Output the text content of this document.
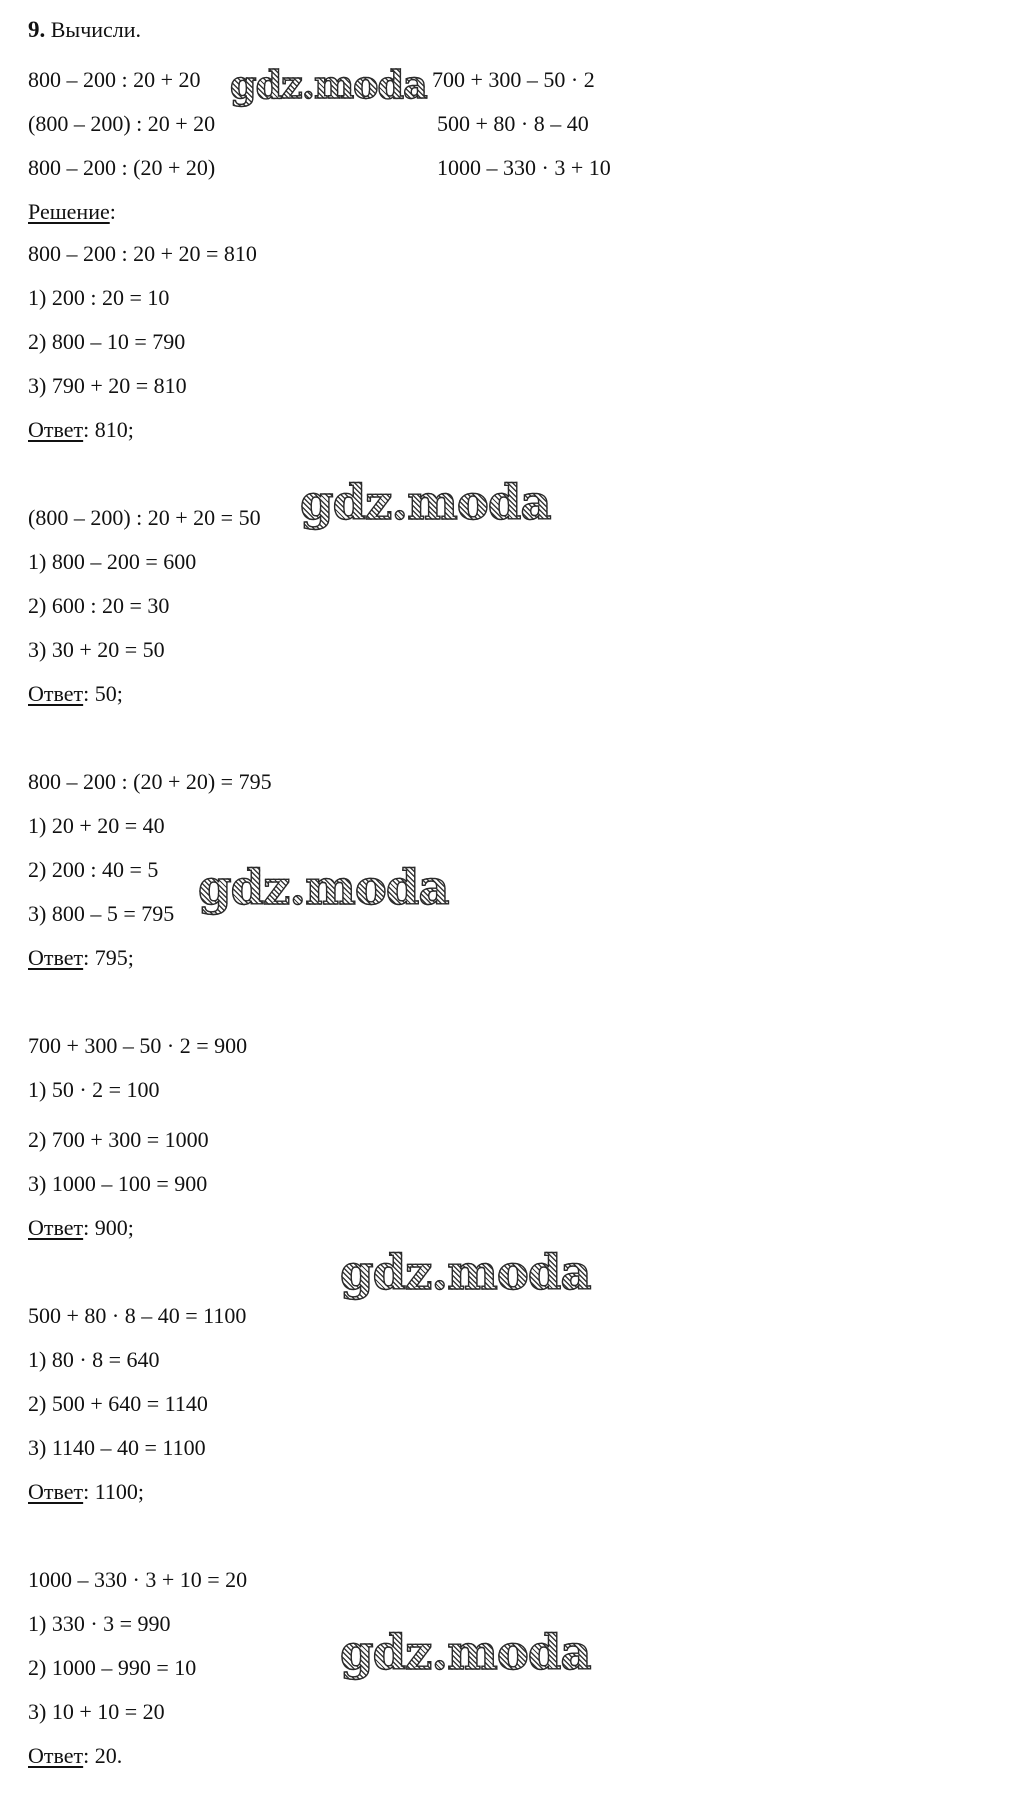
9. Вычисли.
800 – 200 : 20 + 20
(800 – 200) : 20 + 20
800 – 200 : (20 + 20)
700 + 300 – 50 · 2
500 + 80 · 8 – 40
1000 – 330 · 3 + 10
Решение:
800 – 200 : 20 + 20 = 810
1) 200 : 20 = 10
2) 800 – 10 = 790
3) 790 + 20 = 810
Ответ: 810;
(800 – 200) : 20 + 20 = 50
1) 800 – 200 = 600
2) 600 : 20 = 30
3) 30 + 20 = 50
Ответ: 50;
800 – 200 : (20 + 20) = 795
1) 20 + 20 = 40
2) 200 : 40 = 5
3) 800 – 5 = 795
Ответ: 795;
700 + 300 – 50 · 2 = 900
1) 50 · 2 = 100
2) 700 + 300 = 1000
3) 1000 – 100 = 900
Ответ: 900;
500 + 80 · 8 – 40 = 1100
1) 80 · 8 = 640
2) 500 + 640 = 1140
3) 1140 – 40 = 1100
Ответ: 1100;
1000 – 330 · 3 + 10 = 20
1) 330 · 3 = 990
2) 1000 – 990 = 10
3) 10 + 10 = 20
Ответ: 20.
gdz.moda
gdz.moda
gdz.moda
gdz.moda
gdz.moda
